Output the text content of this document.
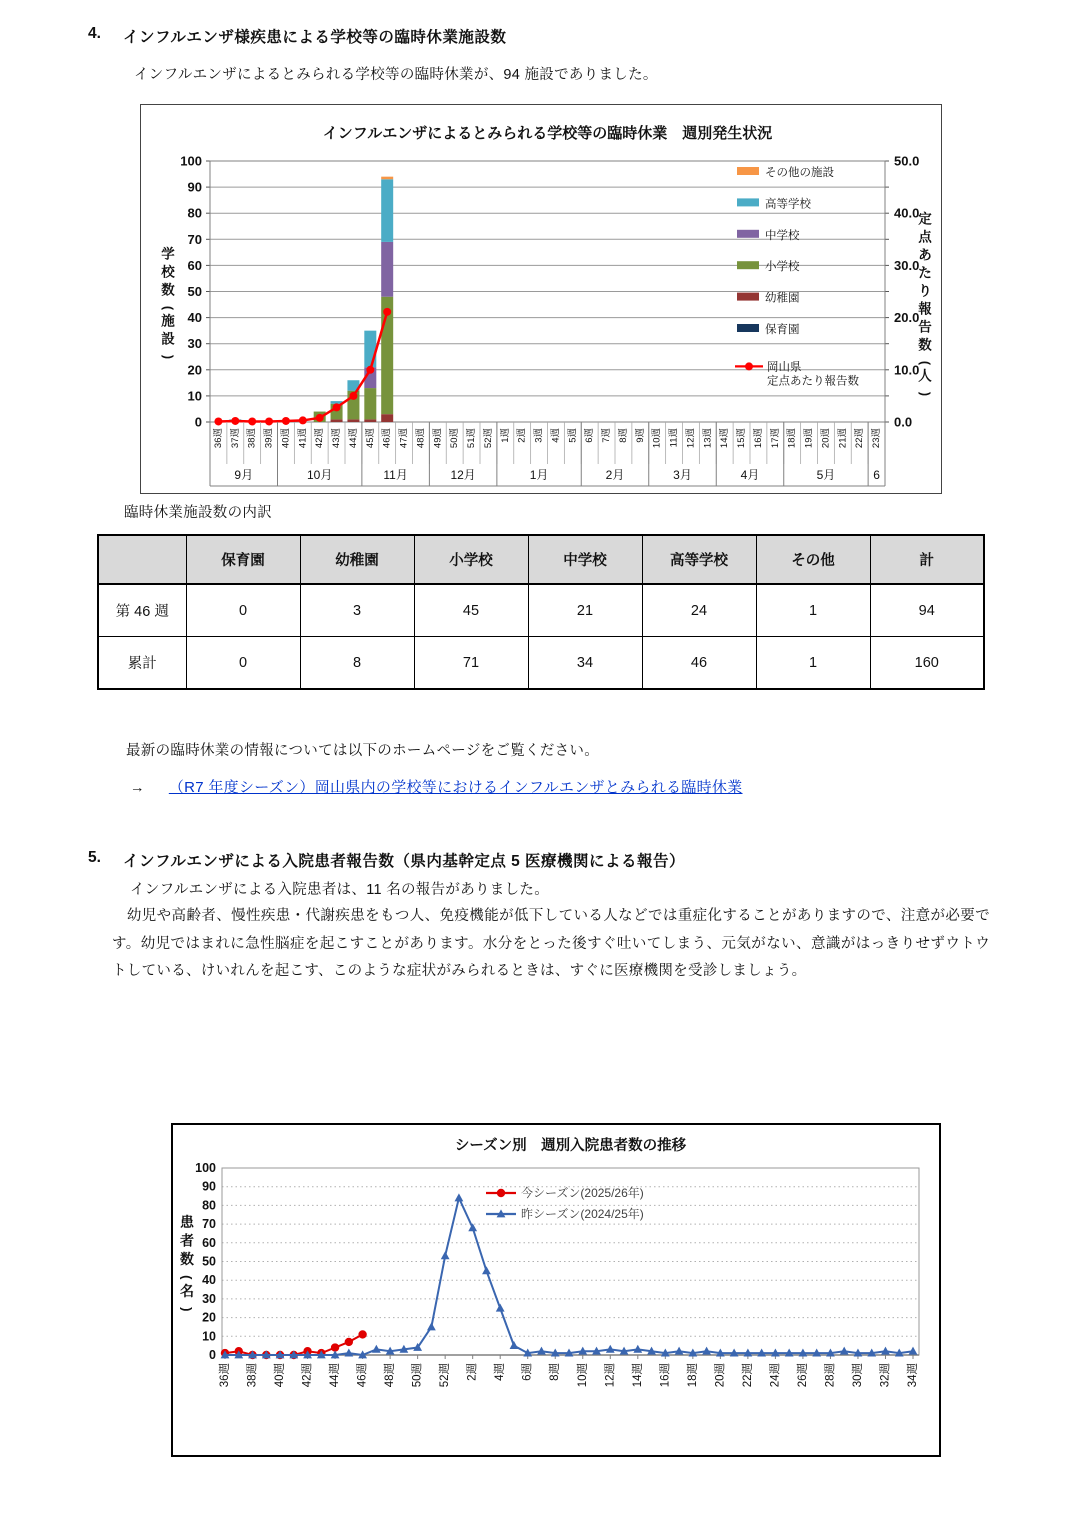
4. インフルエンザ様疾患による学校等の臨時休業施設数
インフルエンザによるとみられる学校等の臨時休業が、94 施設でありました。
インフルエンザによるとみられる学校等の臨時休業　週別発生状況
0
10
20
30
40
50
60
70
80
90
100
0.0
10.0
20.0
30.0
40.0
50.0
36週 37週 38週 39週 40週 41週 42週 43週 44週 45週 46週 47週 48週 49週 50週 51週 52週 1週 2週 3週 4週 5週 6週 7週 8週 9週 10週 11週 12週 13週 14週 15週 16週 17週 18週 19週 20週 21週 22週 23週
9月	10月	11月	12月	1月	2月	3月	4月	5月	6
学
校
数
(
施
設
)
定
点
あ
た
り
報
告
数
(
人
)
その他の施設
高等学校
中学校
小学校
幼稚園
保育園
岡山県
定点あたり報告数
臨時休業施設数の内訳
	保育園	幼稚園	小学校	中学校	高等学校	その他	計
第 46 週	0	3	45	21	24	1	94
累計	0	8	71	34	46	1	160
最新の臨時休業の情報については以下のホームページをご覧ください。
→ （R7 年度シーズン）岡山県内の学校等におけるインフルエンザとみられる臨時休業
5. インフルエンザによる入院患者報告数（県内基幹定点 5 医療機関による報告）
インフルエンザによる入院患者は、11 名の報告がありました。
　幼児や高齢者、慢性疾患・代謝疾患をもつ人、免疫機能が低下している人などでは重症化することがありますので、注意が必要です。幼児ではまれに急性脳症を起こすことがあります。水分をとった後すぐ吐いてしまう、元気がない、意識がはっきりせずウトウトしている、けいれんを起こす、このような症状がみられるときは、すぐに医療機関を受診しましょう。
シーズン別　週別入院患者数の推移
0
10
20
30
40
50
60
70
80
90
100
36週 38週 40週 42週 44週 46週 48週 50週 52週 2週 4週 6週 8週 10週 12週 14週 16週 18週 20週 22週 24週 26週 28週 30週 32週 34週
患
者
数
(
名
)
今シーズン(2025/26年)
昨シーズン(2024/25年)
